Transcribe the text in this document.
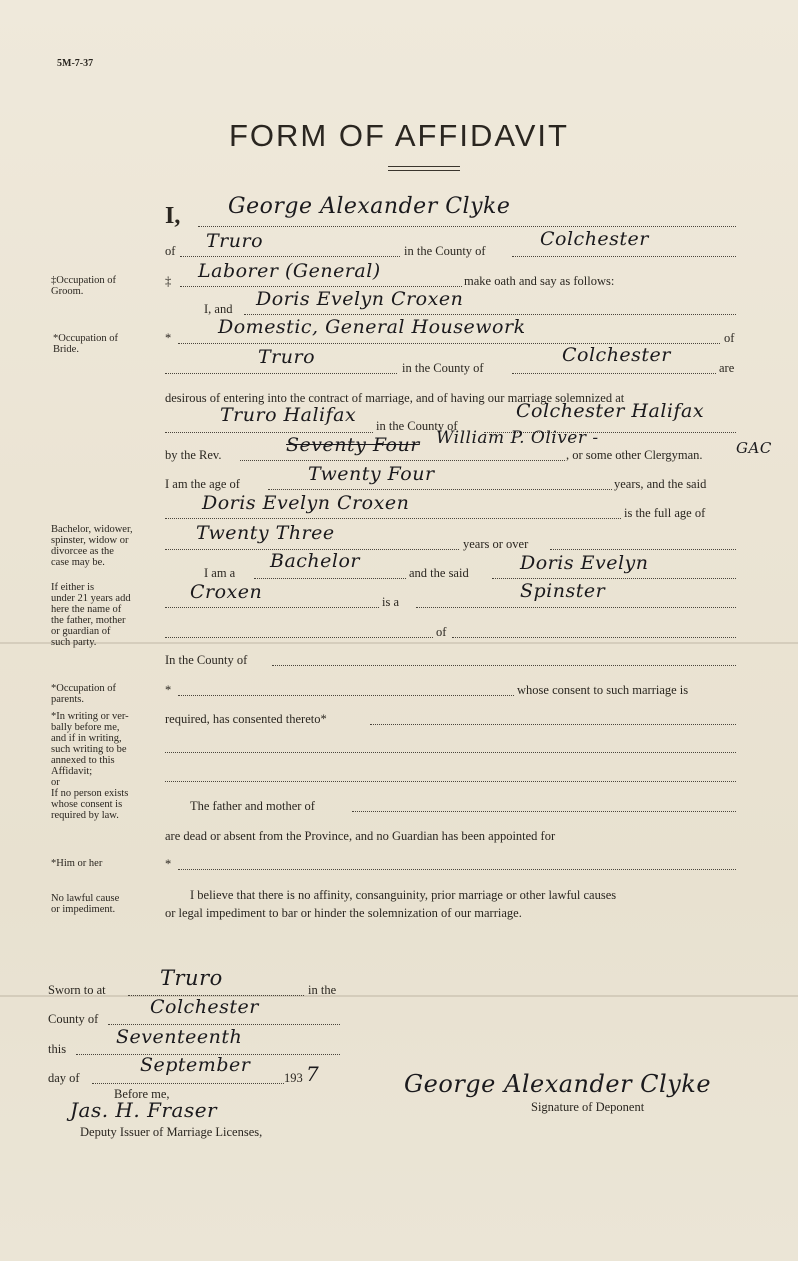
5M-7-37
FORM OF AFFIDAVIT
‡Occupation of
Groom.
*Occupation of
Bride.
Bachelor, widower,
spinster, widow or
divorcee as the
case may be.
If either is
under 21 years add
here the name of
the father, mother
or guardian of
such party.
*Occupation of
parents.
*In writing or ver-
bally before me,
and if in writing,
such writing to be
annexed to this
Affidavit;
or
If no person exists
whose consent is
required by law.
*Him or her
No lawful cause
or impediment.
I, George Alexander Clyke
of Truro	in the County of
Colchester
‡ Laborer (General)	make oath and say as follows:
I, and Doris Evelyn Croxen
* Domestic, General Housework	of
Truro	in the County of
Colchester
are
desirous of entering into the contract of marriage, and of having our marriage solemnized at
Truro Halifax in the County of
Colchester Halifax
by the Rev.	Seventy Four William P. Oliver -
, or some other Clergyman. GAC
I am the age of	Twenty Four	years, and the said
Doris Evelyn Croxen	is the full age of
Twenty Three	years or over
I am a
Bachelor
and the said	Doris Evelyn
Croxen	is a	Spinster
of
In the County of
*	whose consent to such marriage is
required, has consented thereto*
The father and mother of
are dead or absent from the Province, and no Guardian has been appointed for
*
I believe that there is no affinity, consanguinity, prior marriage or other lawful causes
or legal impediment to bar or hinder the solemnization of our marriage.
Sworn to at	Truro	in the
County of
Colchester
this
Seventeenth
day of
September
193 7
Before me,
Jas. H. Fraser
Deputy Issuer of Marriage Licenses,
George Alexander Clyke
Signature of Deponent
